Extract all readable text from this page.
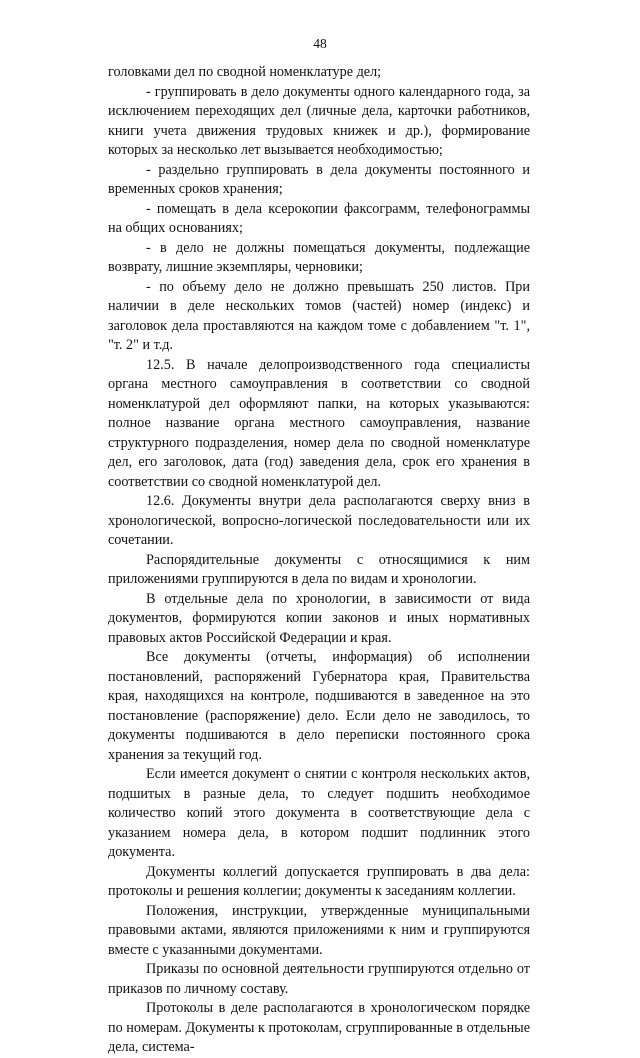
48

головками дел по сводной номенклатуре дел;

- группировать в дело документы одного календарного года, за исключением переходящих дел (личные дела, карточки работников, книги учета движения трудовых книжек и др.), формирование которых за несколько лет вызывается необходимостью;

- раздельно группировать в дела документы постоянного и временных сроков хранения;

- помещать в дела ксерокопии факсограмм, телефонограммы на общих основаниях;

- в дело не должны помещаться документы, подлежащие возврату, лишние экземпляры, черновики;

- по объему дело не должно превышать 250 листов. При наличии в деле нескольких томов (частей) номер (индекс) и заголовок дела проставляются на каждом томе с добавлением "т. 1", "т. 2" и т.д.

12.5. В начале делопроизводственного года специалисты органа местного самоуправления в соответствии со сводной номенклатурой дел оформляют папки, на которых указываются: полное название органа местного самоуправления, название структурного подразделения, номер дела по сводной номенклатуре дел, его заголовок, дата (год) заведения дела, срок его хранения в соответствии со сводной номенклатурой дел.

12.6. Документы внутри дела располагаются сверху вниз в хронологической, вопросно-логической последовательности или их сочетании.

Распорядительные документы с относящимися к ним приложениями группируются в дела по видам и хронологии.

В отдельные дела по хронологии, в зависимости от вида документов, формируются копии законов и иных нормативных правовых актов Российской Федерации и края.

Все документы (отчеты, информация) об исполнении постановлений, распоряжений Губернатора края, Правительства края, находящихся на контроле, подшиваются в заведенное на это постановление (распоряжение) дело. Если дело не заводилось, то документы подшиваются в дело переписки постоянного срока хранения за текущий год.

Если имеется документ о снятии с контроля нескольких актов, подшитых в разные дела, то следует подшить необходимое количество копий этого документа в соответствующие дела с указанием номера дела, в котором подшит подлинник этого документа.

Документы коллегий допускается группировать в два дела: протоколы и решения коллегии; документы к заседаниям коллегии.

Положения, инструкции, утвержденные муниципальными правовыми актами, являются приложениями к ним и группируются вместе с указанными документами.

Приказы по основной деятельности группируются отдельно от приказов по личному составу.

Протоколы в деле располагаются в хронологическом порядке по номерам. Документы к протоколам, сгруппированные в отдельные дела, система-
